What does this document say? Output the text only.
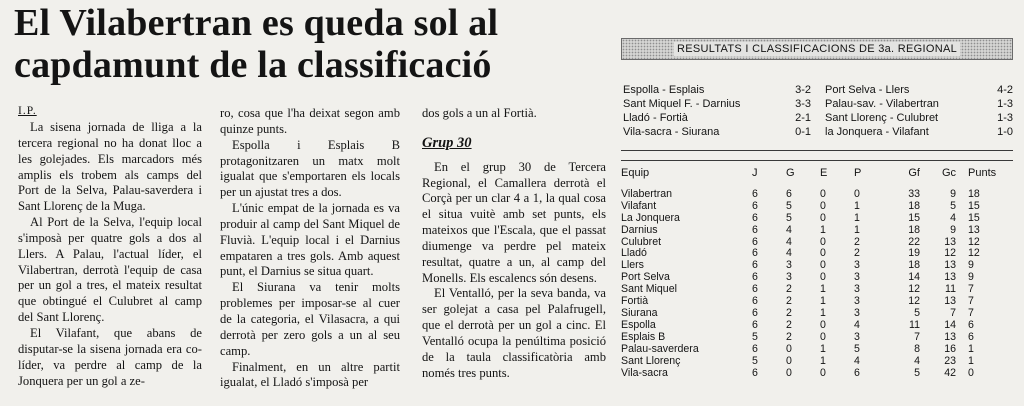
El Vilabertran es queda sol al
capdamunt de la classificació
I.P.

La sisena jornada de lliga a la tercera regional no ha donat lloc a les golejades. Els marcadors més amplis els trobem als camps del Port de la Selva, Palau-saverdera i Sant Llorenç de la Muga.

Al Port de la Selva, l'equip local s'imposà per quatre gols a dos al Llers. A Palau, l'actual líder, el Vilabertran, derrotà l'equip de casa per un gol a tres, el mateix resultat que obtingué el Culubret al camp del Sant Llorenç.

El Vilafant, que abans de disputar-se la sisena jornada era co-líder, va perdre al camp de la Jonquera per un gol a ze-

ro, cosa que l'ha deixat segon amb quinze punts.

Espolla i Esplais B protagonitzaren un matx molt igualat que s'emportaren els locals per un ajustat tres a dos.

L'únic empat de la jornada es va produir al camp del Sant Miquel de Fluvià. L'equip local i el Darnius empataren a tres gols. Amb aquest punt, el Darnius se situa quart.

El Siurana va tenir molts problemes per imposar-se al cuer de la categoria, el Vilasacra, a qui derrotà per zero gols a un al seu camp.

Finalment, en un altre partit igualat, el Lladó s'imposà per

dos gols a un al Fortià.

Grup 30

En el grup 30 de Tercera Regional, el Camallera derrotà el Corçà per un clar 4 a 1, la qual cosa el situa vuitè amb set punts, els mateixos que l'Escala, que el passat diumenge va perdre pel mateix resultat, quatre a un, al camp del Monells. Els escalencs són desens.

El Ventalló, per la seva banda, va ser golejat a casa pel Palafrugell, que el derrotà per un gol a cinc. El Ventalló ocupa la penúltima posició de la taula classificatòria amb només tres punts.

RESULTATS I CLASSIFICACIONS DE 3a. REGIONAL
Espolla - Esplais	3-2
Sant Miquel F. - Darnius	3-3
Lladó - Fortià	2-1
Vila-sacra - Siurana	0-1
Port Selva - Llers	4-2
Palau-sav. - Vilabertran	1-3
Sant Llorenç - Culubret	1-3
la Jonquera - Vilafant	1-0
Equip	J	G	E	P	Gf	Gc	Punts
Vilabertran	6	6	0	0	33	9	18
Vilafant	6	5	0	1	18	5	15
La Jonquera	6	5	0	1	15	4	15
Darnius	6	4	1	1	18	9	13
Culubret	6	4	0	2	22	13	12
Lladó	6	4	0	2	19	12	12
Llers	6	3	0	3	18	13	9
Port Selva	6	3	0	3	14	13	9
Sant Miquel	6	2	1	3	12	11	7
Fortià	6	2	1	3	12	13	7
Siurana	6	2	1	3	5	7	7
Espolla	6	2	0	4	11	14	6
Esplais B	5	2	0	3	7	13	6
Palau-saverdera	6	0	1	5	8	16	1
Sant Llorenç	5	0	1	4	4	23	1
Vila-sacra	6	0	0	6	5	42	0
